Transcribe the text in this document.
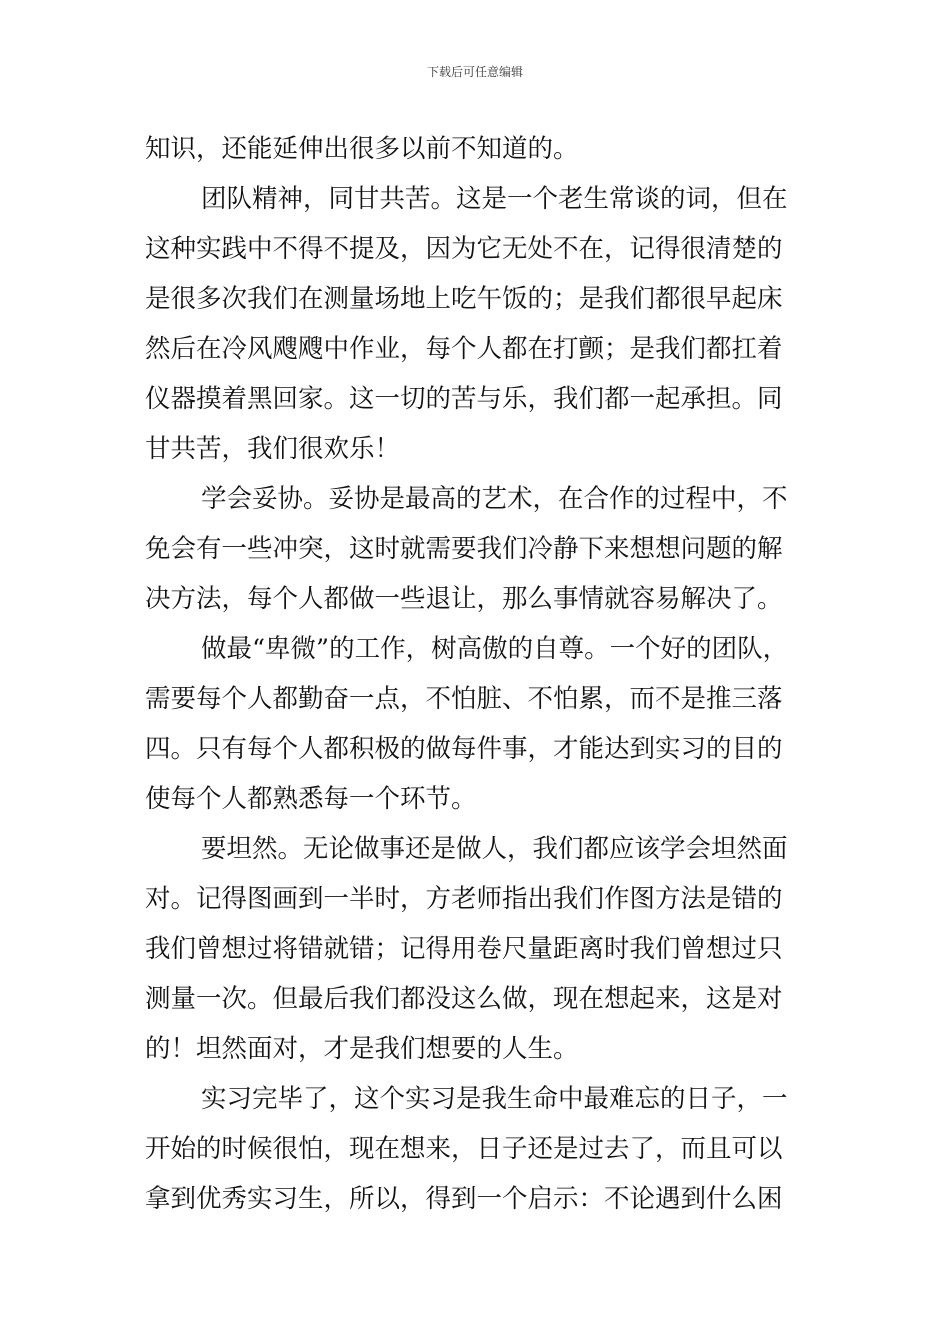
下载后可任意编辑
知识，还能延伸出很多以前不知道的。
团队精神，同甘共苦。这是一个老生常谈的词，但在
这种实践中不得不提及，因为它无处不在，记得很清楚的
是很多次我们在测量场地上吃午饭的；是我们都很早起床
然后在冷风飕飕中作业，每个人都在打颤；是我们都扛着
仪器摸着黑回家。这一切的苦与乐，我们都一起承担。同
甘共苦，我们很欢乐！
学会妥协。妥协是最高的艺术，在合作的过程中，不
免会有一些冲突，这时就需要我们冷静下来想想问题的解
决方法，每个人都做一些退让，那么事情就容易解决了。
做最“卑微”的工作，树高傲的自尊。一个好的团队，
需要每个人都勤奋一点，不怕脏、不怕累，而不是推三落
四。只有每个人都积极的做每件事，才能达到实习的目的
使每个人都熟悉每一个环节。
要坦然。无论做事还是做人，我们都应该学会坦然面
对。记得图画到一半时，方老师指出我们作图方法是错的
我们曾想过将错就错；记得用卷尺量距离时我们曾想过只
测量一次。但最后我们都没这么做，现在想起来，这是对
的！坦然面对，才是我们想要的人生。
实习完毕了，这个实习是我生命中最难忘的日子，一
开始的时候很怕，现在想来，日子还是过去了，而且可以
拿到优秀实习生，所以，得到一个启示：不论遇到什么困
